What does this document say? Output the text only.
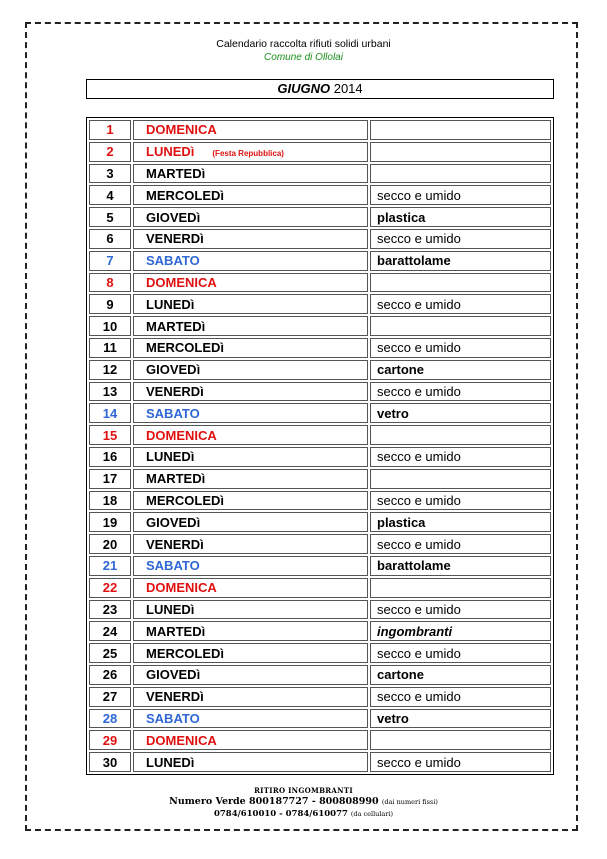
Calendario raccolta rifiuti solidi urbani
Comune di Ollolai
GIUGNO 2014
1	DOMENICA	
2	LUNEDì (Festa Repubblica)	
3	MARTEDì	
4	MERCOLEDì	secco e umido
5	GIOVEDì	plastica
6	VENERDì	secco e umido
7	SABATO	barattolame
8	DOMENICA	
9	LUNEDì	secco e umido
10	MARTEDì	
11	MERCOLEDì	secco e umido
12	GIOVEDì	cartone
13	VENERDì	secco e umido
14	SABATO	vetro
15	DOMENICA	
16	LUNEDì	secco e umido
17	MARTEDì	
18	MERCOLEDì	secco e umido
19	GIOVEDì	plastica
20	VENERDì	secco e umido
21	SABATO	barattolame
22	DOMENICA	
23	LUNEDì	secco e umido
24	MARTEDì	ingombranti
25	MERCOLEDì	secco e umido
26	GIOVEDì	cartone
27	VENERDì	secco e umido
28	SABATO	vetro
29	DOMENICA	
30	LUNEDì	secco e umido
RITIRO INGOMBRANTI
Numero Verde 800187727 - 800808990 (dai numeri fissi)
0784/610010 - 0784/610077 (da cellulari)
